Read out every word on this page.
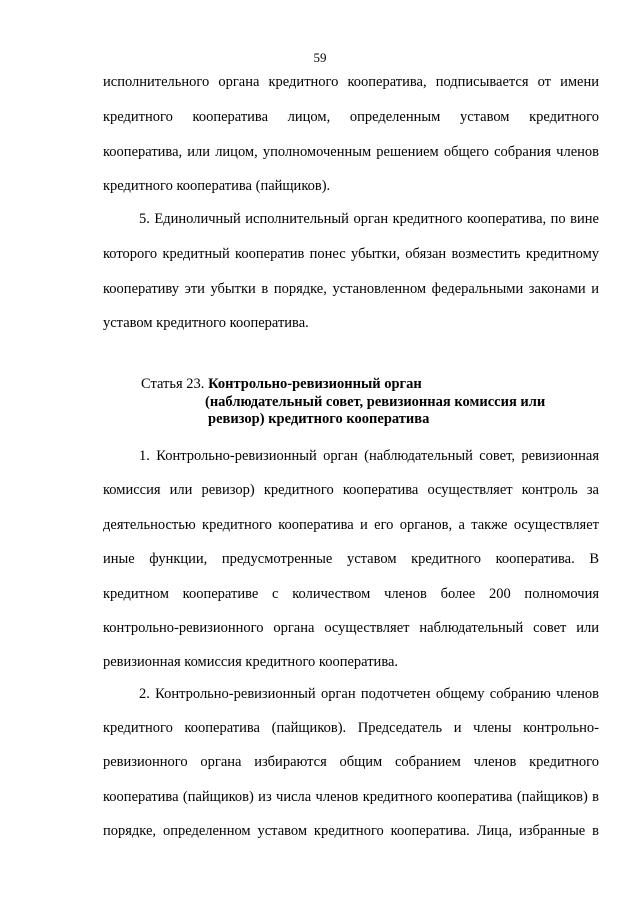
59
исполнительного органа кредитного кооператива, подписывается от имени
кредитного кооператива лицом, определенным уставом кредитного
кооператива, или лицом, уполномоченным решением общего собрания членов
кредитного кооператива (пайщиков).
5. Единоличный исполнительный орган кредитного кооператива, по вине
которого кредитный кооператив понес убытки, обязан возместить кредитному
кооперативу эти убытки в порядке, установленном федеральными законами и
уставом кредитного кооператива.
Статья 23. Контрольно-ревизионный орган
(наблюдательный совет, ревизионная комиссия или
ревизор) кредитного кооператива
1. Контрольно-ревизионный орган (наблюдательный совет, ревизионная
комиссия или ревизор) кредитного кооператива осуществляет контроль за
деятельностью кредитного кооператива и его органов, а также осуществляет
иные функции, предусмотренные уставом кредитного кооператива. В
кредитном кооперативе с количеством членов более 200 полномочия
контрольно-ревизионного органа осуществляет наблюдательный совет или
ревизионная комиссия кредитного кооператива.
2. Контрольно-ревизионный орган подотчетен общему собранию членов
кредитного кооператива (пайщиков). Председатель и члены контрольно-
ревизионного органа избираются общим собранием членов кредитного
кооператива (пайщиков) из числа членов кредитного кооператива (пайщиков) в
порядке, определенном уставом кредитного кооператива. Лица, избранные в
